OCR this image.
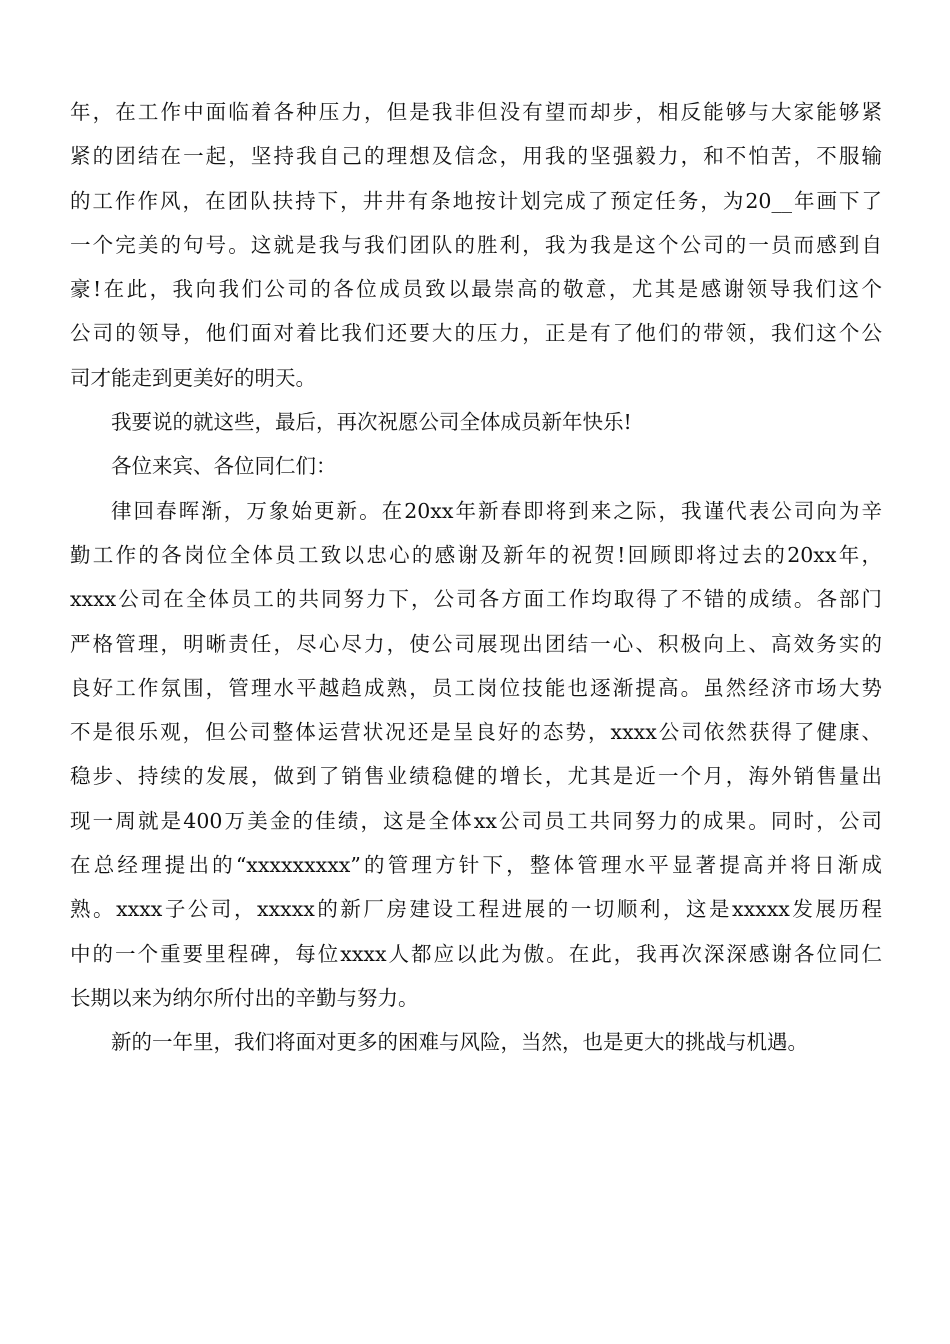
年，在工作中面临着各种压力，但是我非但没有望而却步，相反能够与大家能够紧
紧的团结在一起，坚持我自己的理想及信念，用我的坚强毅力，和不怕苦，不服输
的工作作风，在团队扶持下，井井有条地按计划完成了预定任务，为20__年画下了
一个完美的句号。这就是我与我们团队的胜利，我为我是这个公司的一员而感到自
豪!在此，我向我们公司的各位成员致以最崇高的敬意，尤其是感谢领导我们这个
公司的领导，他们面对着比我们还要大的压力，正是有了他们的带领，我们这个公
司才能走到更美好的明天。

我要说的就这些，最后，再次祝愿公司全体成员新年快乐!

各位来宾、各位同仁们：

律回春晖渐，万象始更新。在20xx年新春即将到来之际，我谨代表公司向为辛
勤工作的各岗位全体员工致以忠心的感谢及新年的祝贺!回顾即将过去的20xx年，
xxxx公司在全体员工的共同努力下，公司各方面工作均取得了不错的成绩。各部门
严格管理，明晰责任，尽心尽力，使公司展现出团结一心、积极向上、高效务实的
良好工作氛围，管理水平越趋成熟，员工岗位技能也逐渐提高。虽然经济市场大势
不是很乐观，但公司整体运营状况还是呈良好的态势，xxxx公司依然获得了健康、
稳步、持续的发展，做到了销售业绩稳健的增长，尤其是近一个月，海外销售量出
现一周就是400万美金的佳绩，这是全体xx公司员工共同努力的成果。同时，公司
在总经理提出的“xxxxxxxxx”的管理方针下，整体管理水平显著提高并将日渐成
熟。xxxx子公司，xxxxx的新厂房建设工程进展的一切顺利，这是xxxxx发展历程
中的一个重要里程碑，每位xxxx人都应以此为傲。在此，我再次深深感谢各位同仁
长期以来为纳尔所付出的辛勤与努力。

新的一年里，我们将面对更多的困难与风险，当然，也是更大的挑战与机遇。
